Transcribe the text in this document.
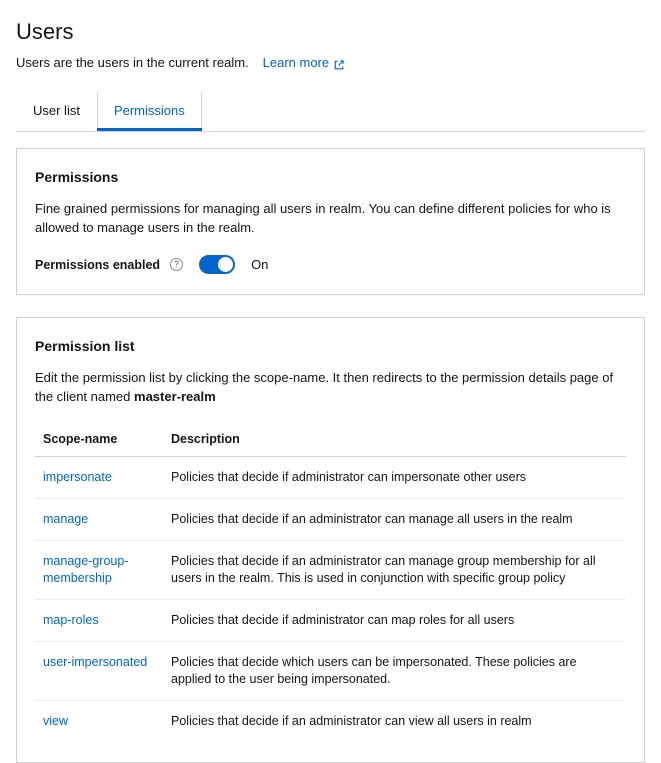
Users
Users are the users in the current realm. Learn more
User list	Permissions
Permissions

Fine grained permissions for managing all users in realm. You can define different policies for who is allowed to manage users in the realm.

Permissions enabled	?	On
Permission list

Edit the permission list by clicking the scope-name. It then redirects to the permission details page of the client named master-realm

Scope-name	Description
impersonate	Policies that decide if administrator can impersonate other users
manage	Policies that decide if an administrator can manage all users in the realm
manage-group-membership	Policies that decide if an administrator can manage group membership for all users in the realm. This is used in conjunction with specific group policy
map-roles	Policies that decide if administrator can map roles for all users
user-impersonated	Policies that decide which users can be impersonated. These policies are applied to the user being impersonated.
view	Policies that decide if an administrator can view all users in realm
